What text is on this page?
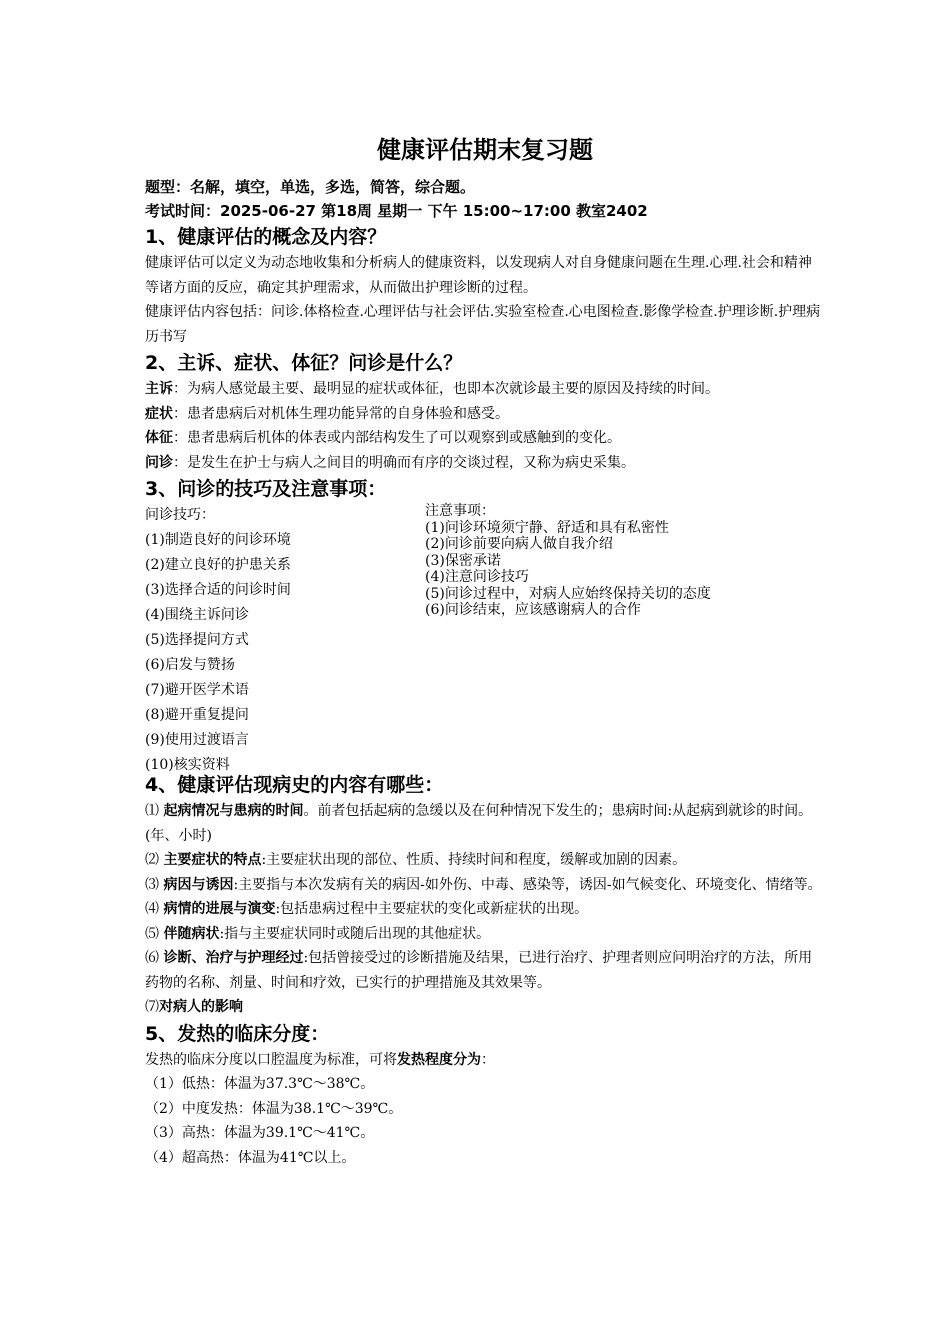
健康评估期末复习题

题型：名解，填空，单选，多选，简答，综合题。

考试时间：2025-06-27 第18周 星期一 下午 15:00~17:00 教室2402

1、健康评估的概念及内容？

健康评估可以定义为动态地收集和分析病人的健康资料，以发现病人对自身健康问题在生理.心理.社会和精神等诸方面的反应，确定其护理需求，从而做出护理诊断的过程。

健康评估内容包括：问诊.体格检查.心理评估与社会评估.实验室检查.心电图检查.影像学检查.护理诊断.护理病历书写

2、主诉、症状、体征？问诊是什么？

主诉：为病人感觉最主要、最明显的症状或体征，也即本次就诊最主要的原因及持续的时间。

症状：患者患病后对机体生理功能异常的自身体验和感受。

体征：患者患病后机体的体表或内部结构发生了可以观察到或感触到的变化。

问诊：是发生在护士与病人之间目的明确而有序的交谈过程，又称为病史采集。

3、问诊的技巧及注意事项：

问诊技巧：

(1)制造良好的问诊环境

(2)建立良好的护患关系

(3)选择合适的问诊时间

(4)围绕主诉问诊

(5)选择提问方式

(6)启发与赞扬

(7)避开医学术语

(8)避开重复提问

(9)使用过渡语言

(10)核实资料

注意事项：

(1)问诊环境须宁静、舒适和具有私密性

(2)问诊前要向病人做自我介绍

(3)保密承诺

(4)注意问诊技巧

(5)问诊过程中，对病人应始终保持关切的态度

(6)问诊结束，应该感谢病人的合作

4、健康评估现病史的内容有哪些：

⑴ 起病情况与患病的时间。前者包括起病的急缓以及在何种情况下发生的；患病时间:从起病到就诊的时间。(年、小时)

⑵ 主要症状的特点:主要症状出现的部位、性质、持续时间和程度，缓解或加剧的因素。

⑶ 病因与诱因:主要指与本次发病有关的病因-如外伤、中毒、感染等，诱因-如气候变化、环境变化、情绪等。

⑷ 病情的进展与演变:包括患病过程中主要症状的变化或新症状的出现。

⑸ 伴随病状:指与主要症状同时或随后出现的其他症状。

⑹ 诊断、治疗与护理经过:包括曾接受过的诊断措施及结果，已进行治疗、护理者则应问明治疗的方法，所用药物的名称、剂量、时间和疗效，已实行的护理措施及其效果等。

⑺对病人的影响

5、发热的临床分度：

发热的临床分度以口腔温度为标准，可将发热程度分为：

（1）低热：体温为37.3℃～38℃。

（2）中度发热：体温为38.1℃～39℃。

（3）高热：体温为39.1℃～41℃。

（4）超高热：体温为41℃以上。
